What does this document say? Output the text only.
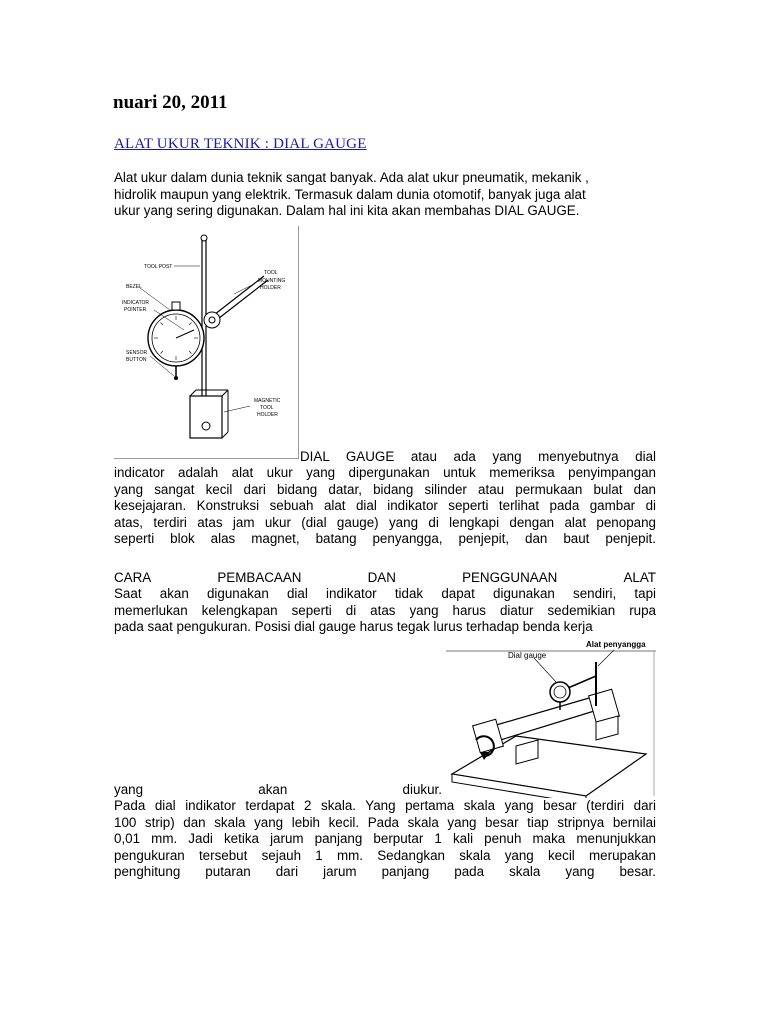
nuari 20, 2011
ALAT UKUR TEKNIK : DIAL GAUGE
Alat ukur dalam dunia teknik sangat banyak. Ada alat ukur pneumatik, mekanik ,
hidrolik maupun yang elektrik. Termasuk dalam dunia otomotif, banyak juga alat
ukur yang sering digunakan. Dalam hal ini kita akan membahas DIAL GAUGE.
TOOL POST
TOOL
MOUNTING
HOLDER
BEZEL
INDICATOR
POINTER
SENSOR
BUTTON
MAGNETIC
TOOL
HOLDER
DIAL GAUGE atau ada yang menyebutnya dial
indicator adalah alat ukur yang dipergunakan untuk memeriksa penyimpangan
yang sangat kecil dari bidang datar, bidang silinder atau permukaan bulat dan
kesejajaran. Konstruksi sebuah alat dial indikator seperti terlihat pada gambar di
atas, terdiri atas jam ukur (dial gauge) yang di lengkapi dengan alat penopang
seperti blok alas magnet, batang penyangga, penjepit, dan baut penjepit.
CARA	PEMBACAAN	DAN	PENGGUNAAN	ALAT
Saat akan digunakan dial indikator tidak dapat digunakan sendiri, tapi
memerlukan kelengkapan seperti di atas yang harus diatur sedemikian rupa
pada saat pengukuran. Posisi dial gauge harus tegak lurus terhadap benda kerja
Dial gauge
Alat penyangga
yang	akan	diukur.
Pada dial indikator terdapat 2 skala. Yang pertama skala yang besar (terdiri dari
100 strip) dan skala yang lebih kecil. Pada skala yang besar tiap stripnya bernilai
0,01 mm. Jadi ketika jarum panjang berputar 1 kali penuh maka menunjukkan
pengukuran tersebut sejauh 1 mm. Sedangkan skala yang kecil merupakan
penghitung putaran dari jarum panjang pada skala yang besar.
